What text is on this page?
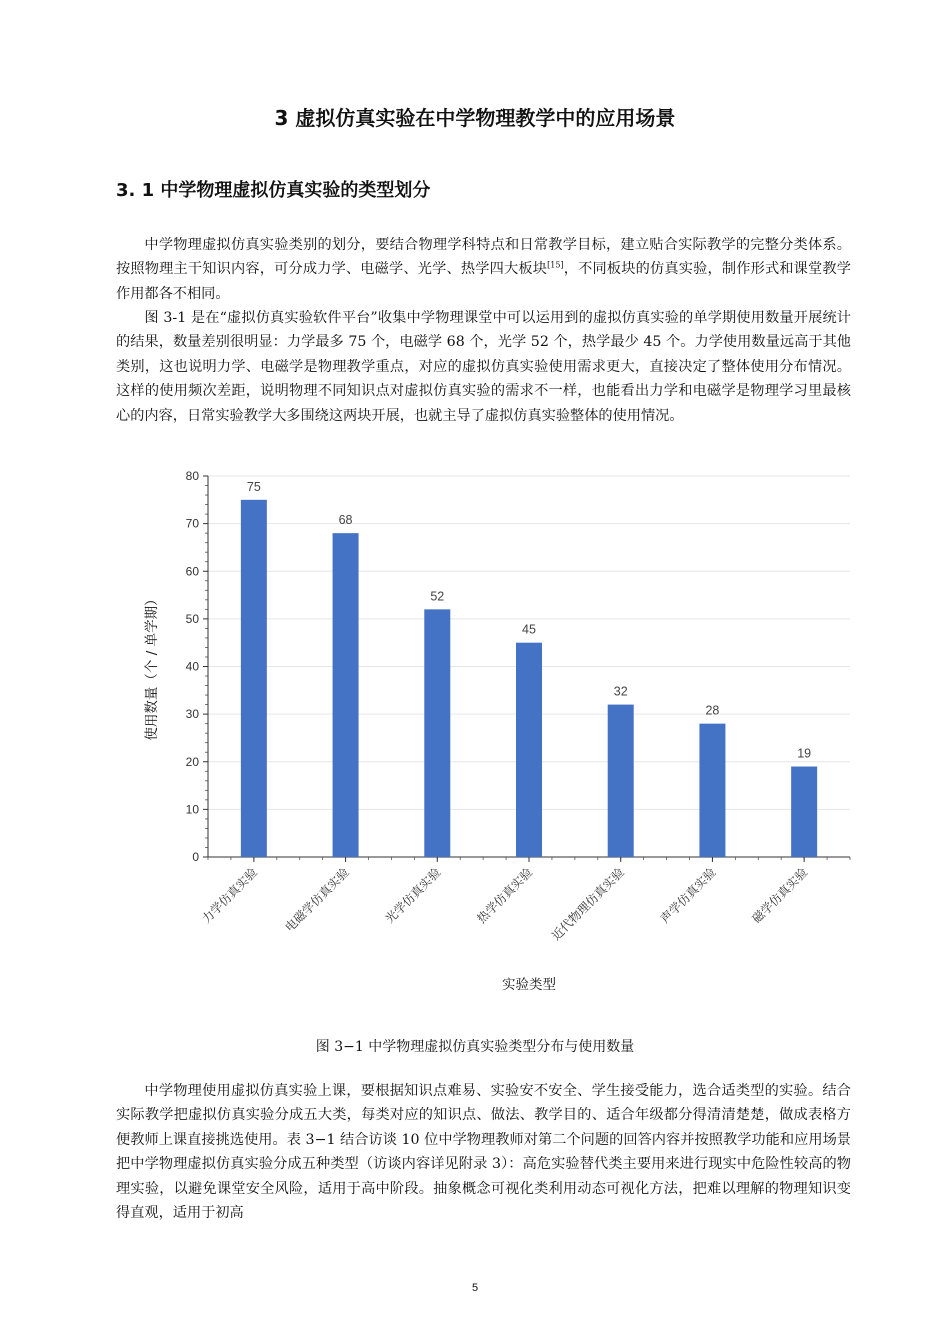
3 虚拟仿真实验在中学物理教学中的应用场景
3. 1 中学物理虚拟仿真实验的类型划分

中学物理虚拟仿真实验类别的划分，要结合物理学科特点和日常教学目标，建立贴合实际教学的完整分类体系。按照物理主干知识内容，可分成力学、电磁学、光学、热学四大板块[15]，不同板块的仿真实验，制作形式和课堂教学作用都各不相同。

图 3-1 是在“虚拟仿真实验软件平台”收集中学物理课堂中可以运用到的虚拟仿真实验的单学期使用数量开展统计的结果，数量差别很明显：力学最多 75 个，电磁学 68 个，光学 52 个，热学最少 45 个。力学使用数量远高于其他类别，这也说明力学、电磁学是物理教学重点，对应的虚拟仿真实验使用需求更大，直接决定了整体使用分布情况。这样的使用频次差距，说明物理不同知识点对虚拟仿真实验的需求不一样，也能看出力学和电磁学是物理学习里最核心的内容，日常实验教学大多围绕这两块开展，也就主导了虚拟仿真实验整体的使用情况。

0
10
20
30
40
50
60
70
80
75
力学仿真实验
68
电磁学仿真实验
52
光学仿真实验
45
热学仿真实验
32
近代物理仿真实验
28
声学仿真实验
19
磁学仿真实验
使用数量（个 / 单学期）
实验类型
图 3−1 中学物理虚拟仿真实验类型分布与使用数量

中学物理使用虚拟仿真实验上课，要根据知识点难易、实验安不安全、学生接受能力，选合适类型的实验。结合实际教学把虚拟仿真实验分成五大类，每类对应的知识点、做法、教学目的、适合年级都分得清清楚楚，做成表格方便教师上课直接挑选使用。表 3−1 结合访谈 10 位中学物理教师对第二个问题的回答内容并按照教学功能和应用场景把中学物理虚拟仿真实验分成五种类型（访谈内容详见附录 3）：高危实验替代类主要用来进行现实中危险性较高的物理实验，以避免课堂安全风险，适用于高中阶段。抽象概念可视化类利用动态可视化方法，把难以理解的物理知识变得直观，适用于初高

5
